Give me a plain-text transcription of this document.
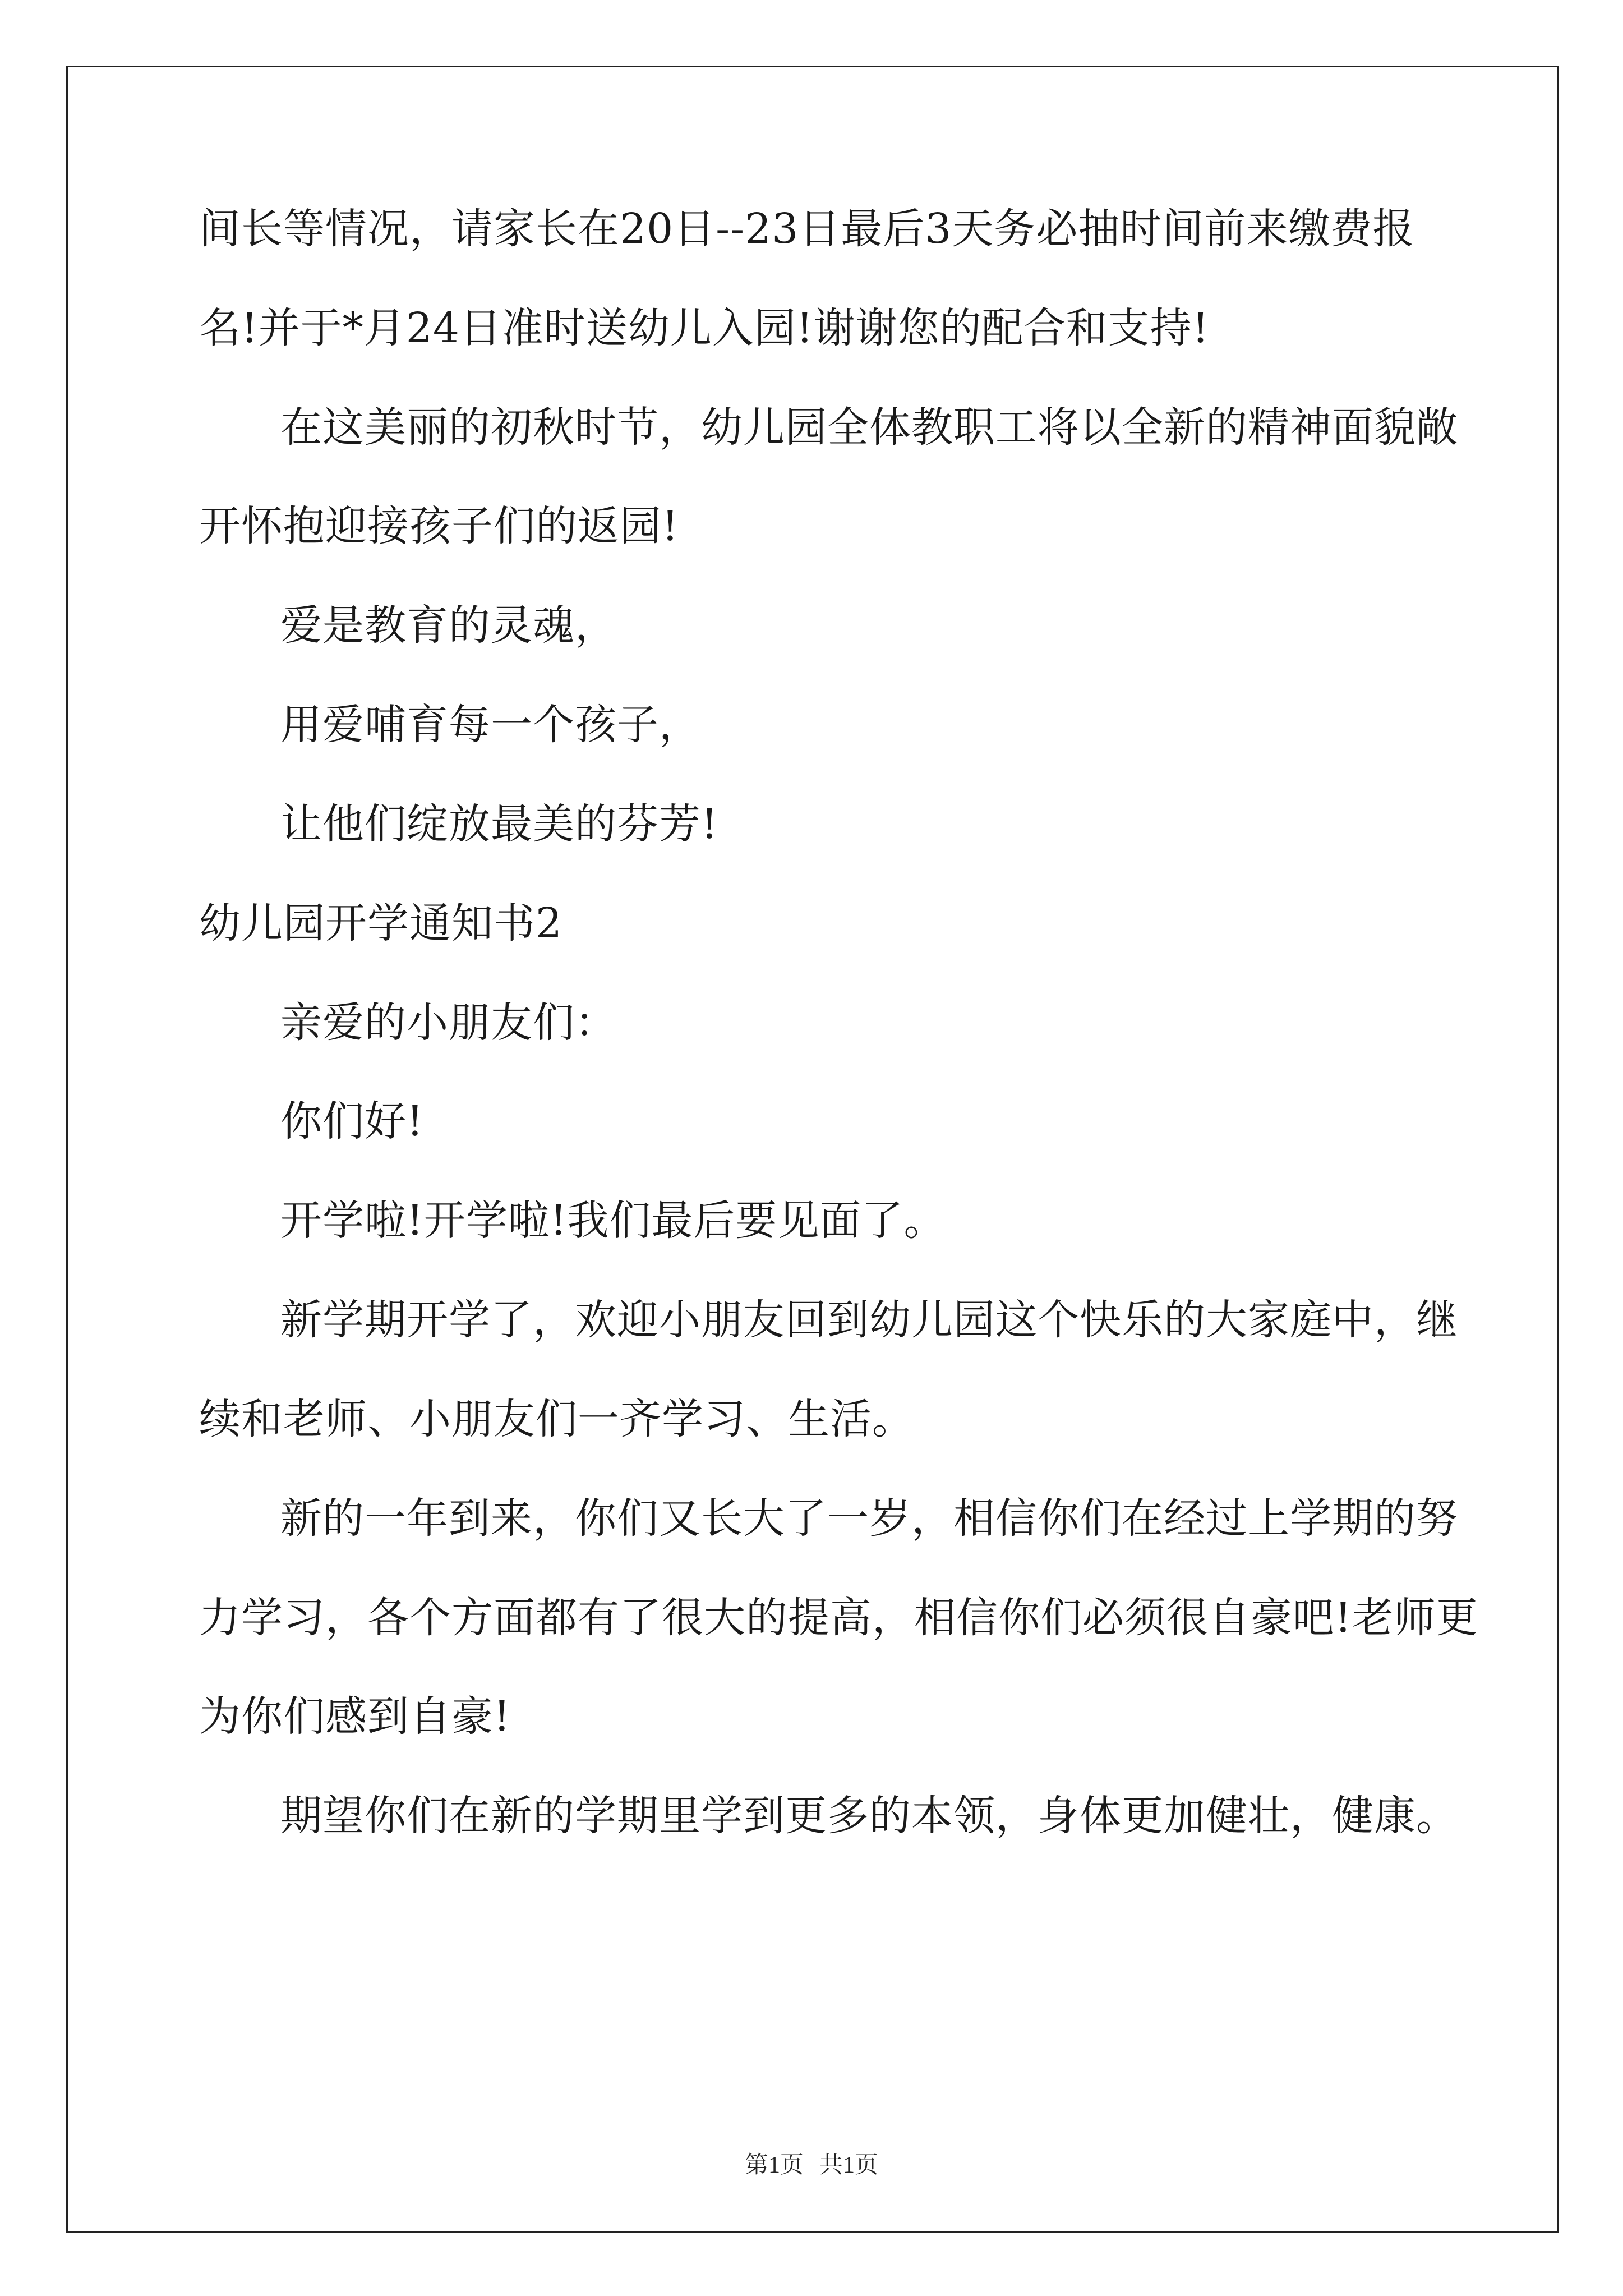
间长等情况，请家长在20日--23日最后3天务必抽时间前来缴费报
名!并于*月24日准时送幼儿入园!谢谢您的配合和支持!
在这美丽的初秋时节，幼儿园全体教职工将以全新的精神面貌敞
开怀抱迎接孩子们的返园!
爱是教育的灵魂，
用爱哺育每一个孩子，
让他们绽放最美的芬芳!
幼儿园开学通知书2
亲爱的小朋友们：
你们好!
开学啦!开学啦!我们最后要见面了。
新学期开学了，欢迎小朋友回到幼儿园这个快乐的大家庭中，继
续和老师、小朋友们一齐学习、生活。
新的一年到来，你们又长大了一岁，相信你们在经过上学期的努
力学习，各个方面都有了很大的提高，相信你们必须很自豪吧!老师更
为你们感到自豪!
期望你们在新的学期里学到更多的本领，身体更加健壮，健康。
第1页 共1页
